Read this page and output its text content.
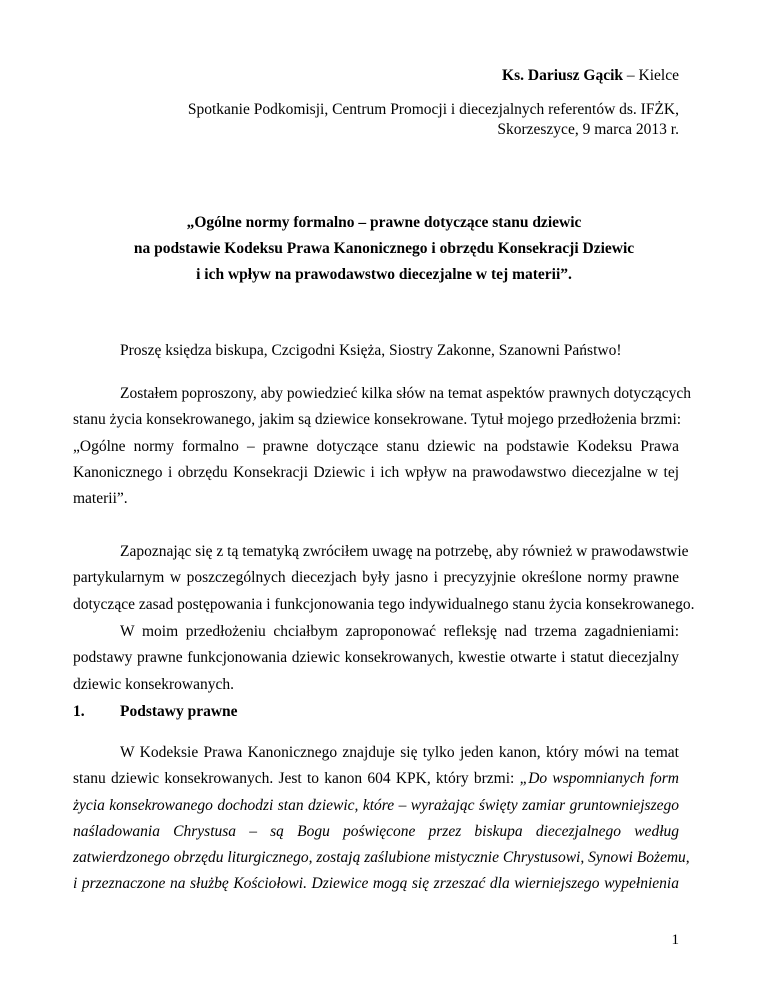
Ks. Dariusz Gącik – Kielce
Spotkanie Podkomisji, Centrum Promocji i diecezjalnych referentów ds. IFŻK,
Skorzeszyce, 9 marca 2013 r.
„Ogólne normy formalno – prawne dotyczące stanu dziewic
na podstawie Kodeksu Prawa Kanonicznego i obrzędu Konsekracji Dziewic
i ich wpływ na prawodawstwo diecezjalne w tej materii”.
Proszę księdza biskupa, Czcigodni Księża, Siostry Zakonne, Szanowni Państwo!
Zostałem poproszony, aby powiedzieć kilka słów na temat aspektów prawnych dotyczących
stanu życia konsekrowanego, jakim są dziewice konsekrowane. Tytuł mojego przedłożenia brzmi:
„Ogólne normy formalno – prawne dotyczące stanu dziewic na podstawie Kodeksu Prawa
Kanonicznego i obrzędu Konsekracji Dziewic i ich wpływ na prawodawstwo diecezjalne w tej
materii”.
Zapoznając się z tą tematyką zwróciłem uwagę na potrzebę, aby również w prawodawstwie
partykularnym w poszczególnych diecezjach były jasno i precyzyjnie określone normy prawne
dotyczące zasad postępowania i funkcjonowania tego indywidualnego stanu życia konsekrowanego.
W moim przedłożeniu chciałbym zaproponować refleksję nad trzema zagadnieniami:
podstawy prawne funkcjonowania dziewic konsekrowanych, kwestie otwarte i statut diecezjalny
dziewic konsekrowanych.
1. Podstawy prawne
W Kodeksie Prawa Kanonicznego znajduje się tylko jeden kanon, który mówi na temat
stanu dziewic konsekrowanych. Jest to kanon 604 KPK, który brzmi: „Do wspomnianych form
życia konsekrowanego dochodzi stan dziewic, które – wyrażając święty zamiar gruntowniejszego
naśladowania Chrystusa – są Bogu poświęcone przez biskupa diecezjalnego według
zatwierdzonego obrzędu liturgicznego, zostają zaślubione mistycznie Chrystusowi, Synowi Bożemu,
i przeznaczone na służbę Kościołowi. Dziewice mogą się zrzeszać dla wierniejszego wypełnienia
1
